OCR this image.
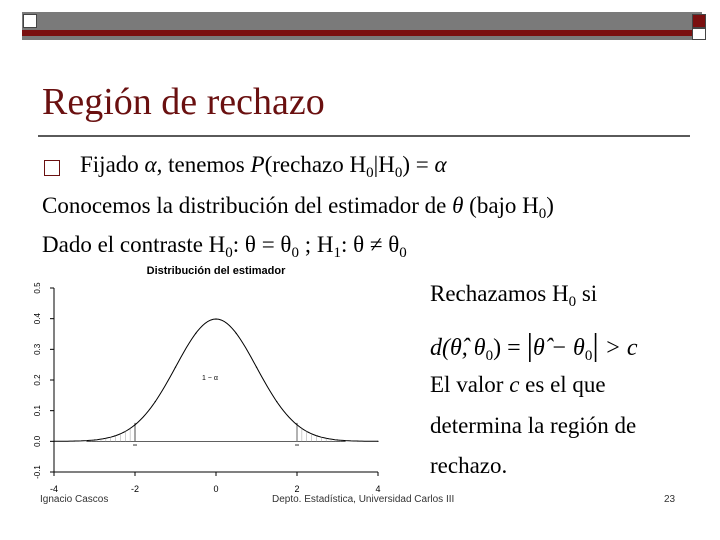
Región de rechazo
Fijado α, tenemos P(rechazo $H_0|H_0) = \alpha$
Conocemos la distribución del estimador de θ (bajo $H_0$)
Dado el contraste $H_0$: $\theta = \theta_0$ ; $H_1$: $\theta \ne \theta_0$
Rechazamos $H_0$ si
d(θ̂, $\theta_0$) = |θ̂ − $\theta_0| > c$
El valor c es el que
determina la región de
rechazo.
Distribución del estimador
-0.1
0.0
0.1
0.2
0.3
0.4
0.5
-4	-2	0	2	4
1 − α
Ignacio Cascos	Depto. Estadística, Universidad Carlos III	23
